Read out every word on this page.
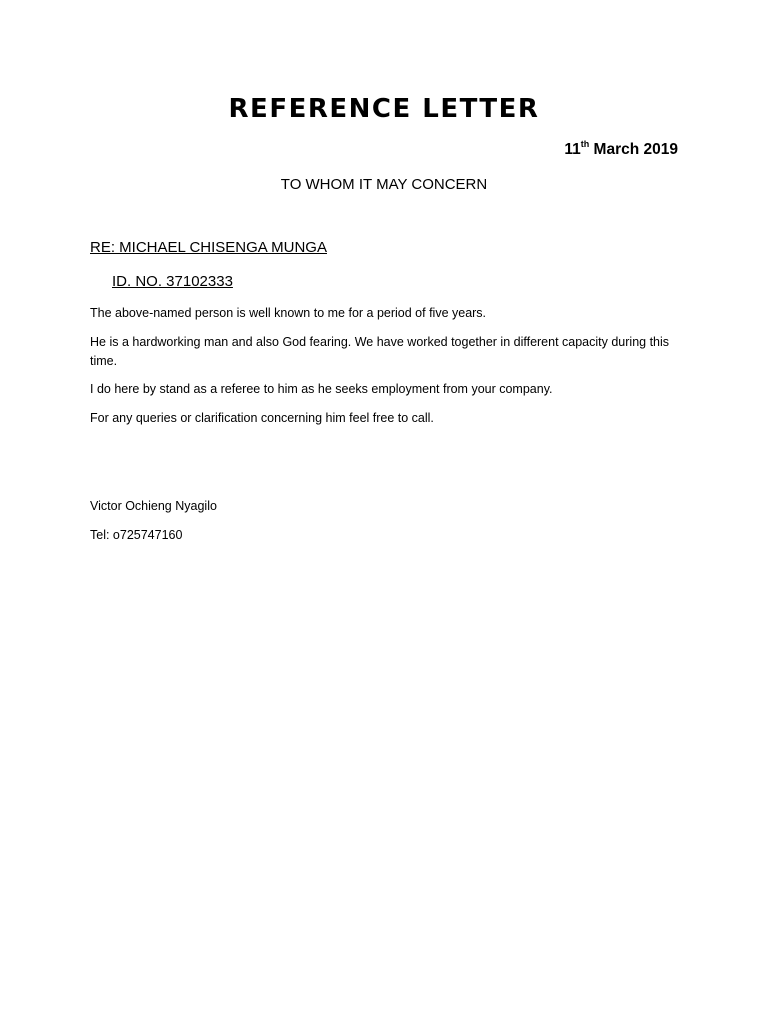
REFERENCE LETTER
11th March 2019
TO WHOM IT MAY CONCERN
RE: MICHAEL CHISENGA MUNGA
ID. NO. 37102333
The above-named person is well known to me for a period of five years.
He is a hardworking man and also God fearing. We have worked together in different capacity during this time.
I do here by stand as a referee to him as he seeks employment from your company.
For any queries or clarification concerning him feel free to call.
Victor Ochieng Nyagilo
Tel: o725747160
